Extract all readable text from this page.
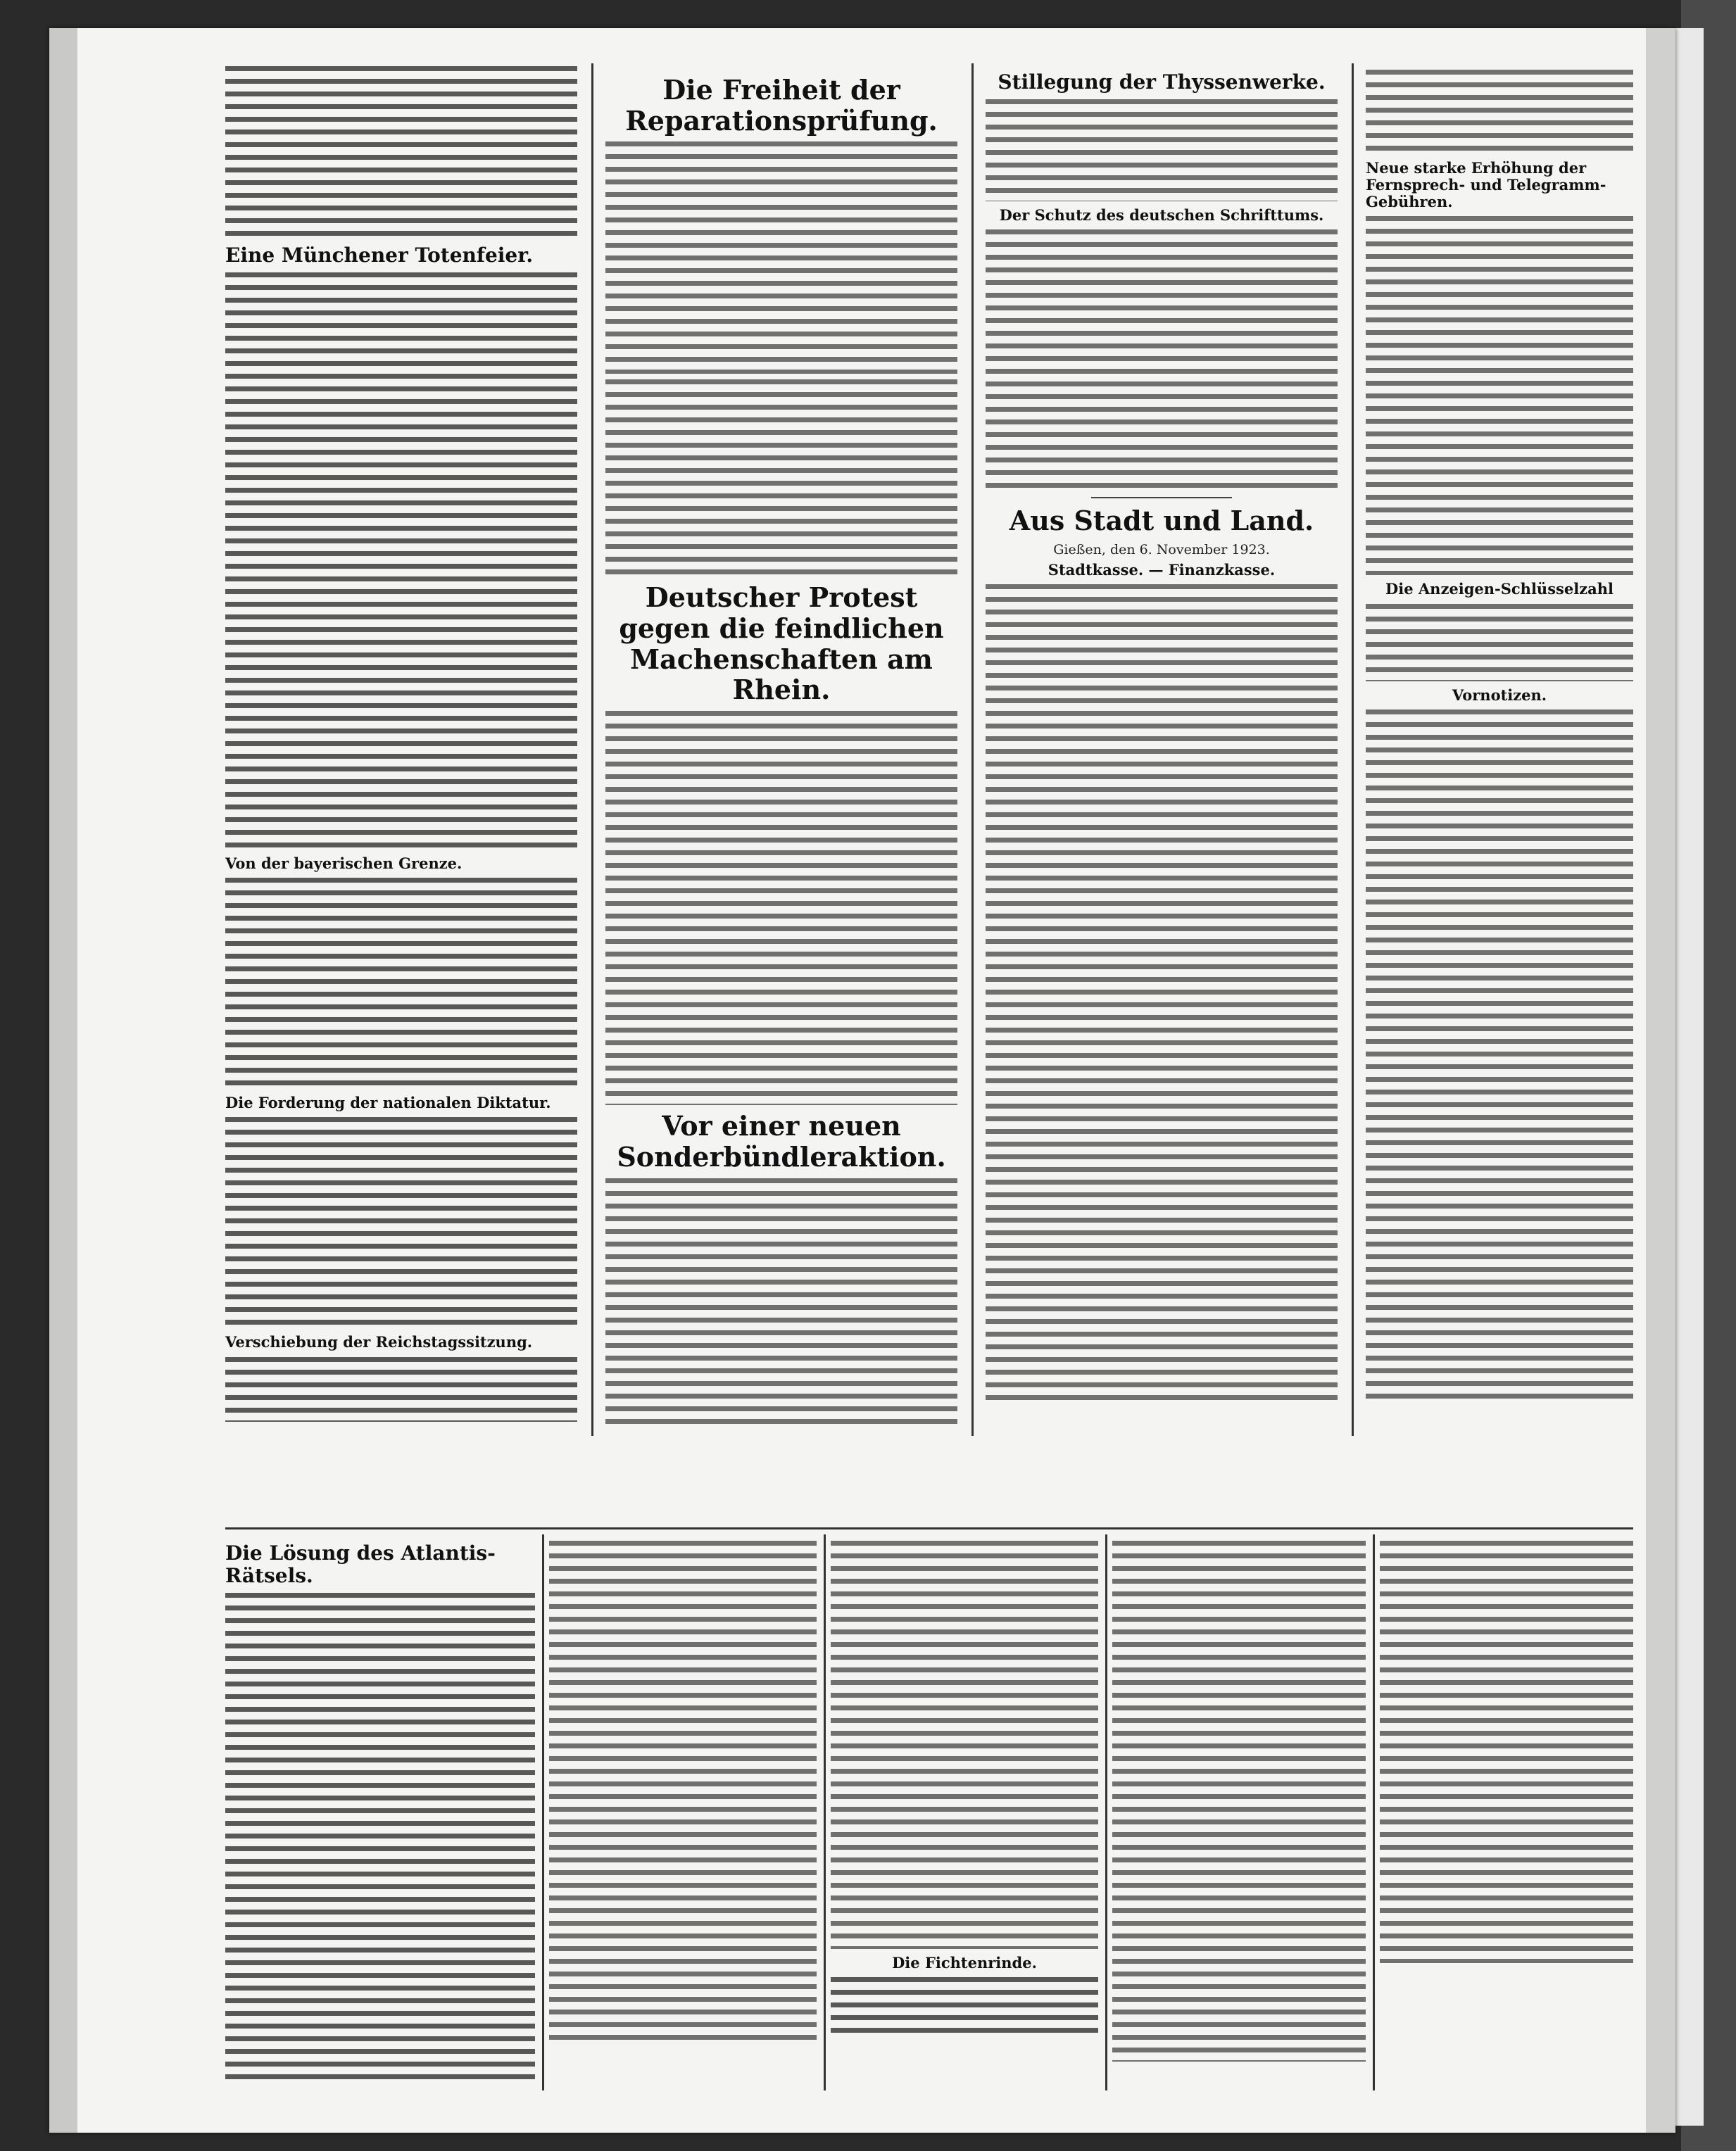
Eine Münchener Totenfeier.
Von der bayerischen Grenze.
Die Forderung der nationalen Diktatur.
Verschiebung der Reichstagssitzung.
Die Freiheit der Reparationsprüfung.
Deutscher Protest gegen die feindlichen Machenschaften am Rhein.
Vor einer neuen Sonderbündleraktion.
Stillegung der Thyssenwerke.
Der Schutz des deutschen Schrifttums.
Aus Stadt und Land.
Gießen, den 6. November 1923.
Stadtkasse. — Finanzkasse.
Neue starke Erhöhung der Fernsprech- und Telegramm-Gebühren.
Die Anzeigen-Schlüsselzahl
Vornotizen.
Die Lösung des Atlantis-Rätsels.
Die Fichtenrinde.
